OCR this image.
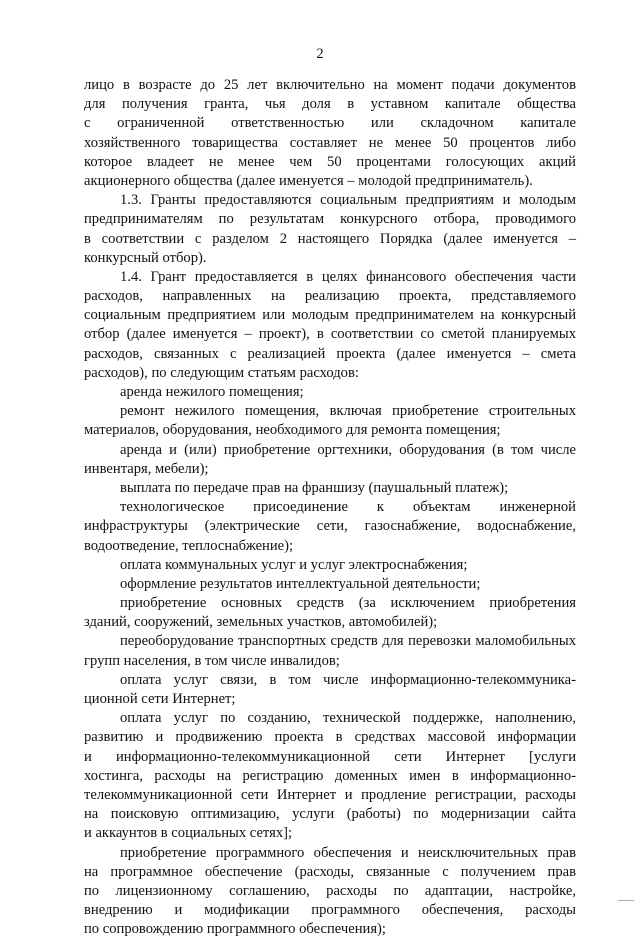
2
лицо в возрасте до 25 лет включительно на момент подачи документов
для получения гранта, чья доля в уставном капитале общества
с ограниченной ответственностью или складочном капитале
хозяйственного товарищества составляет не менее 50 процентов либо
которое владеет не менее чем 50 процентами голосующих акций
акционерного общества (далее именуется – молодой предприниматель).
1.3. Гранты предоставляются социальным предприятиям и молодым
предпринимателям по результатам конкурсного отбора, проводимого
в соответствии с разделом 2 настоящего Порядка (далее именуется –
конкурсный отбор).
1.4. Грант предоставляется в целях финансового обеспечения части
расходов, направленных на реализацию проекта, представляемого
социальным предприятием или молодым предпринимателем на конкурсный
отбор (далее именуется – проект), в соответствии со сметой планируемых
расходов, связанных с реализацией проекта (далее именуется – смета
расходов), по следующим статьям расходов:
аренда нежилого помещения;
ремонт нежилого помещения, включая приобретение строительных
материалов, оборудования, необходимого для ремонта помещения;
аренда и (или) приобретение оргтехники, оборудования (в том числе
инвентаря, мебели);
выплата по передаче прав на франшизу (паушальный платеж);
технологическое присоединение к объектам инженерной
инфраструктуры (электрические сети, газоснабжение, водоснабжение,
водоотведение, теплоснабжение);
оплата коммунальных услуг и услуг электроснабжения;
оформление результатов интеллектуальной деятельности;
приобретение основных средств (за исключением приобретения
зданий, сооружений, земельных участков, автомобилей);
переоборудование транспортных средств для перевозки маломобильных
групп населения, в том числе инвалидов;
оплата услуг связи, в том числе информационно-телекоммуника-
ционной сети Интернет;
оплата услуг по созданию, технической поддержке, наполнению,
развитию и продвижению проекта в средствах массовой информации
и информационно-телекоммуникационной сети Интернет [услуги
хостинга, расходы на регистрацию доменных имен в информационно-
телекоммуникационной сети Интернет и продление регистрации, расходы
на поисковую оптимизацию, услуги (работы) по модернизации сайта
и аккаунтов в социальных сетях];
приобретение программного обеспечения и неисключительных прав
на программное обеспечение (расходы, связанные с получением прав
по лицензионному соглашению, расходы по адаптации, настройке,
внедрению и модификации программного обеспечения, расходы
по сопровождению программного обеспечения);
